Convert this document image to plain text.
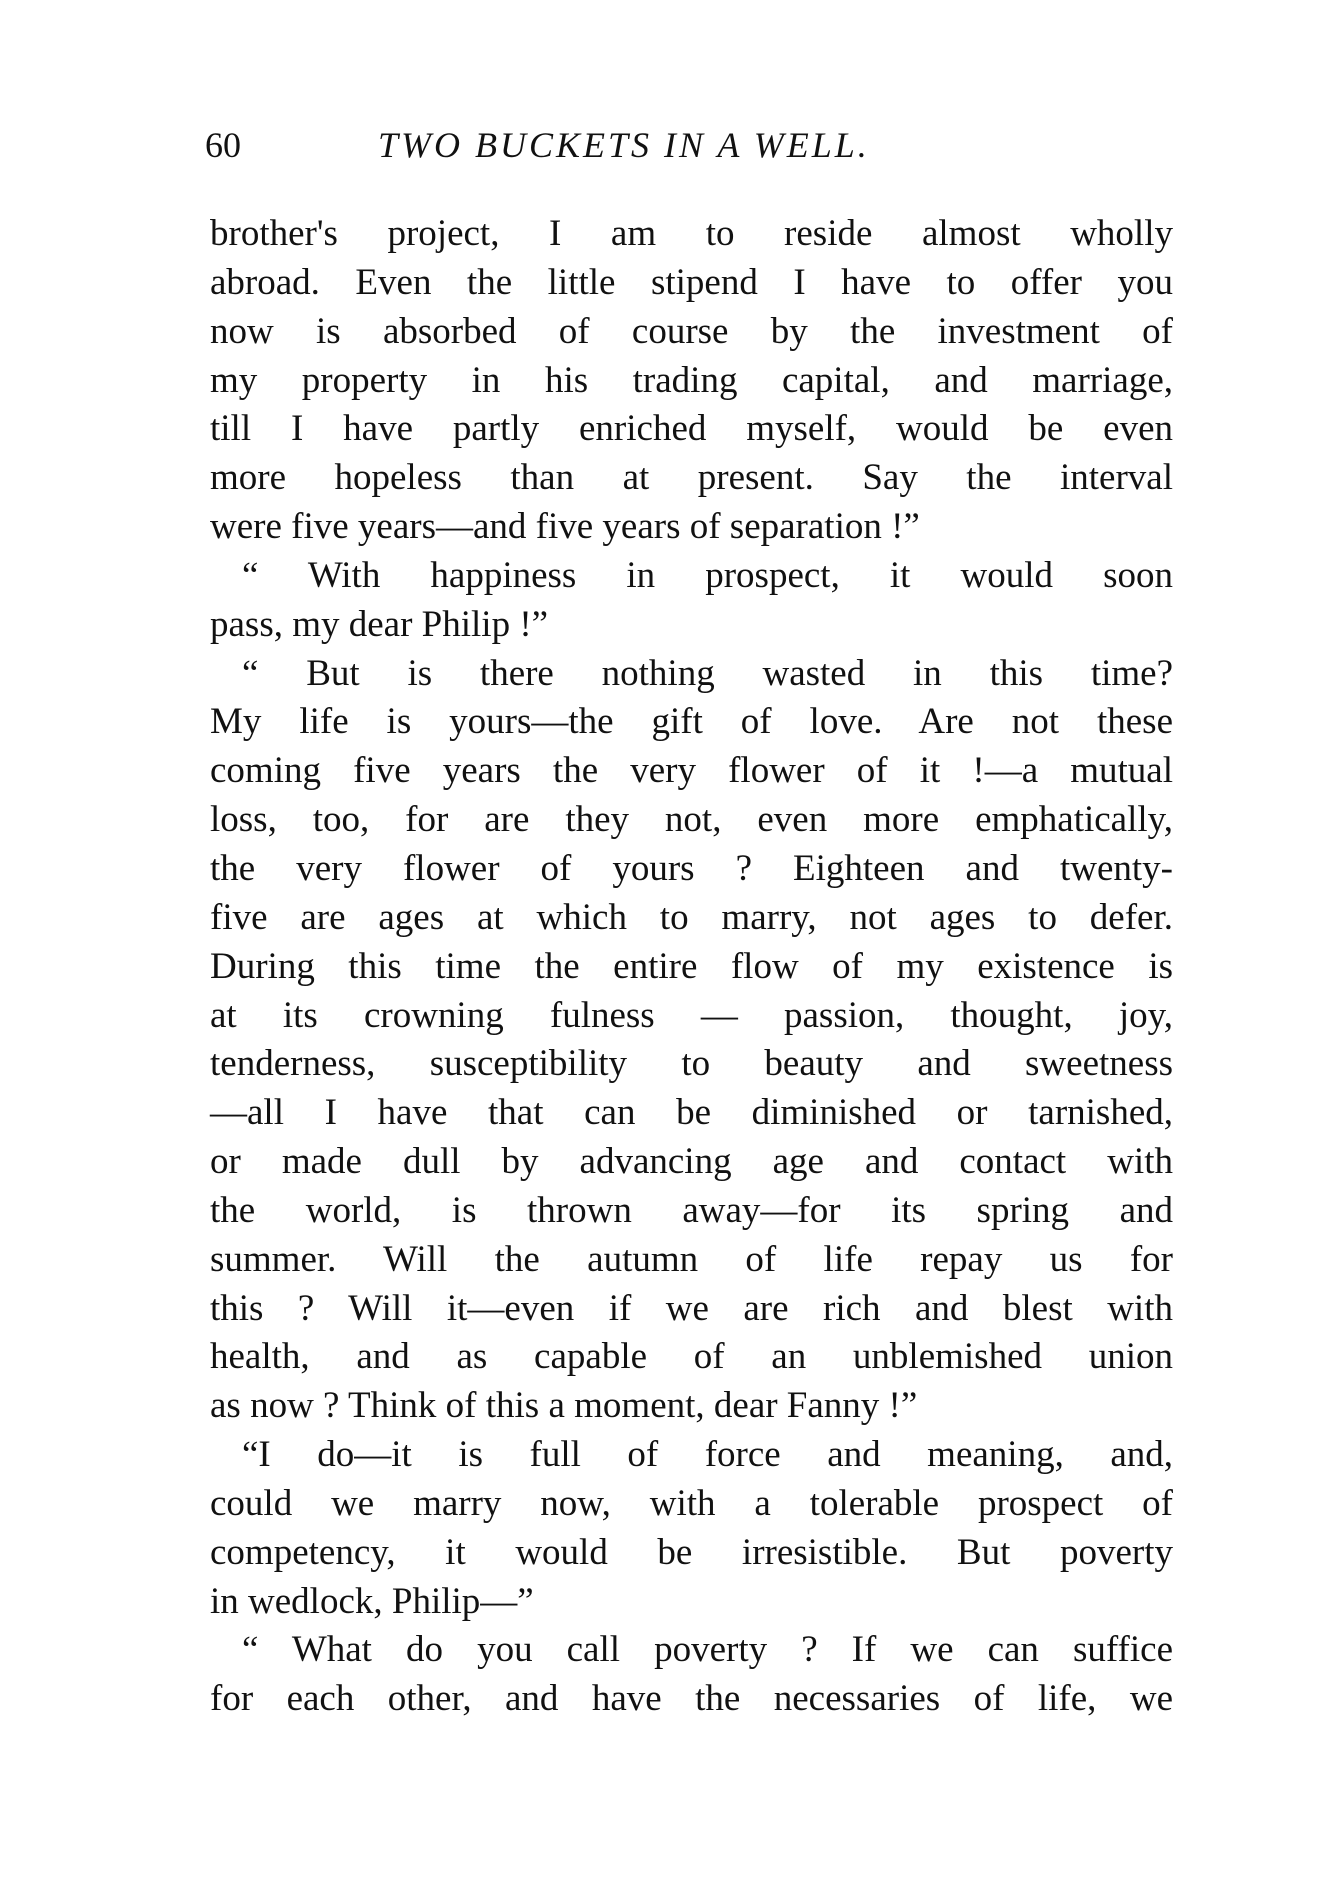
60	TWO BUCKETS IN A WELL.
brother's project, I am to reside almost wholly
abroad. Even the little stipend I have to offer you
now is absorbed of course by the investment of
my property in his trading capital, and marriage,
till I have partly enriched myself, would be even
more hopeless than at present. Say the interval
were five years—and five years of separation !”
“ With happiness in prospect, it would soon
pass, my dear Philip !”
“ But is there nothing wasted in this time?
My life is yours—the gift of love. Are not these
coming five years the very flower of it !—a mutual
loss, too, for are they not, even more emphatically,
the very flower of yours ? Eighteen and twenty-
five are ages at which to marry, not ages to defer.
During this time the entire flow of my existence is
at its crowning fulness — passion, thought, joy,
tenderness, susceptibility to beauty and sweetness
—all I have that can be diminished or tarnished,
or made dull by advancing age and contact with
the world, is thrown away—for its spring and
summer. Will the autumn of life repay us for
this ? Will it—even if we are rich and blest with
health, and as capable of an unblemished union
as now ? Think of this a moment, dear Fanny !”
“I do—it is full of force and meaning, and,
could we marry now, with a tolerable prospect of
competency, it would be irresistible. But poverty
in wedlock, Philip—”
“ What do you call poverty ? If we can suffice
for each other, and have the necessaries of life, we
